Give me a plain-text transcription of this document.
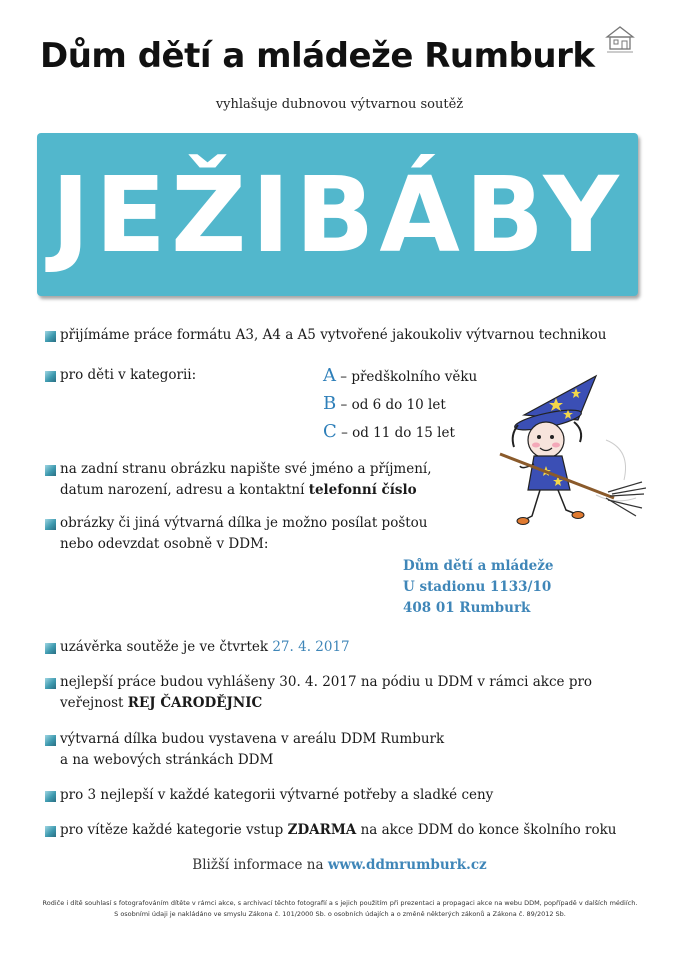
Dům dětí a mládeže Rumburk
vyhlašuje dubnovou výtvarnou soutěž
JEŽIBÁBY
přijímáme práce formátu A3, A4 a A5 vytvořené jakoukoliv výtvarnou technikou
pro děti v kategorii:	A – předškolního věku
B – od 6 do 10 let
C – od 11 do 15 let
na zadní stranu obrázku napište své jméno a příjmení,
datum narození, adresu a kontaktní telefonní číslo
obrázky či jiná výtvarná dílka je možno posílat poštou
nebo odevzdat osobně v DDM:
Dům dětí a mládeže
U stadionu 1133/10
408 01 Rumburk
uzávěrka soutěže je ve čtvrtek 27. 4. 2017
nejlepší práce budou vyhlášeny 30. 4. 2017 na pódiu u DDM v rámci akce pro
veřejnost REJ ČARODĚJNIC
výtvarná dílka budou vystavena v areálu DDM Rumburk
a na webových stránkách DDM
pro 3 nejlepší v každé kategorii výtvarné potřeby a sladké ceny
pro vítěze každé kategorie vstup ZDARMA na akce DDM do konce školního roku
Bližší informace na www.ddmrumburk.cz
Rodiče i dítě souhlasí s fotografováním dítěte v rámci akce, s archivací těchto fotografií a s jejich použitím při prezentaci a propagaci akce na webu DDM, popřípadě v dalších médiích. S osobními údaji je nakládáno ve smyslu Zákona č. 101/2000 Sb. o osobních údajích a o změně některých zákonů a Zákona č. 89/2012 Sb.
